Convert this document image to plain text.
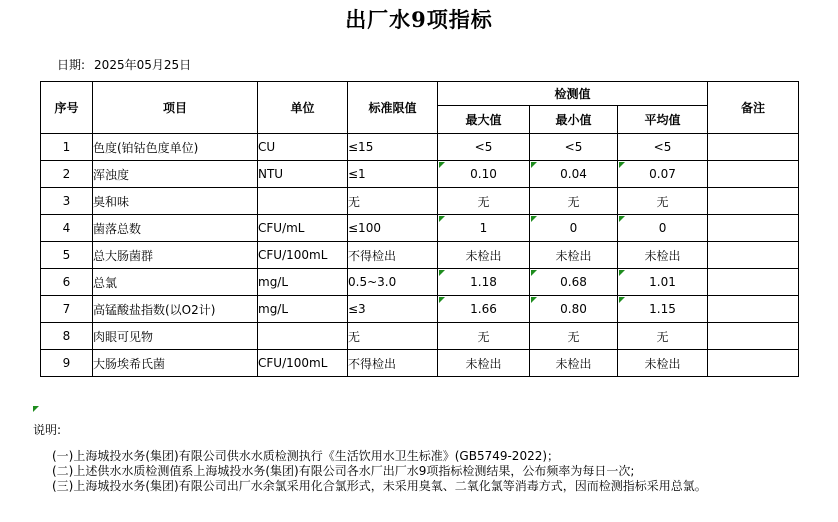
出厂水9项指标
日期: 2025年05月25日
序号	项目	单位	标准限值	检测值			备注
				最大值	最小值	平均值	
1	色度(铂钴色度单位)	CU	≤15	<5	<5	<5	
2	浑浊度	NTU	≤1	0.10	0.04	0.07	
3	臭和味		无	无	无	无	
4	菌落总数	CFU/mL	≤100	1	0	0	
5	总大肠菌群	CFU/100mL	不得检出	未检出	未检出	未检出	
6	总氯	mg/L	0.5~3.0	1.18	0.68	1.01	
7	高锰酸盐指数(以O2计)	mg/L	≤3	1.66	0.80	1.15	
8	肉眼可见物		无	无	无	无	
9	大肠埃希氏菌	CFU/100mL	不得检出	未检出	未检出	未检出	
说明:
(一)上海城投水务(集团)有限公司供水水质检测执行《生活饮用水卫生标准》(GB5749-2022)；
(二)上述供水水质检测值系上海城投水务(集团)有限公司各水厂出厂水9项指标检测结果，公布频率为每日一次;
(三)上海城投水务(集团)有限公司出厂水余氯采用化合氯形式，未采用臭氧、二氧化氯等消毒方式，因而检测指标采用总氯。
